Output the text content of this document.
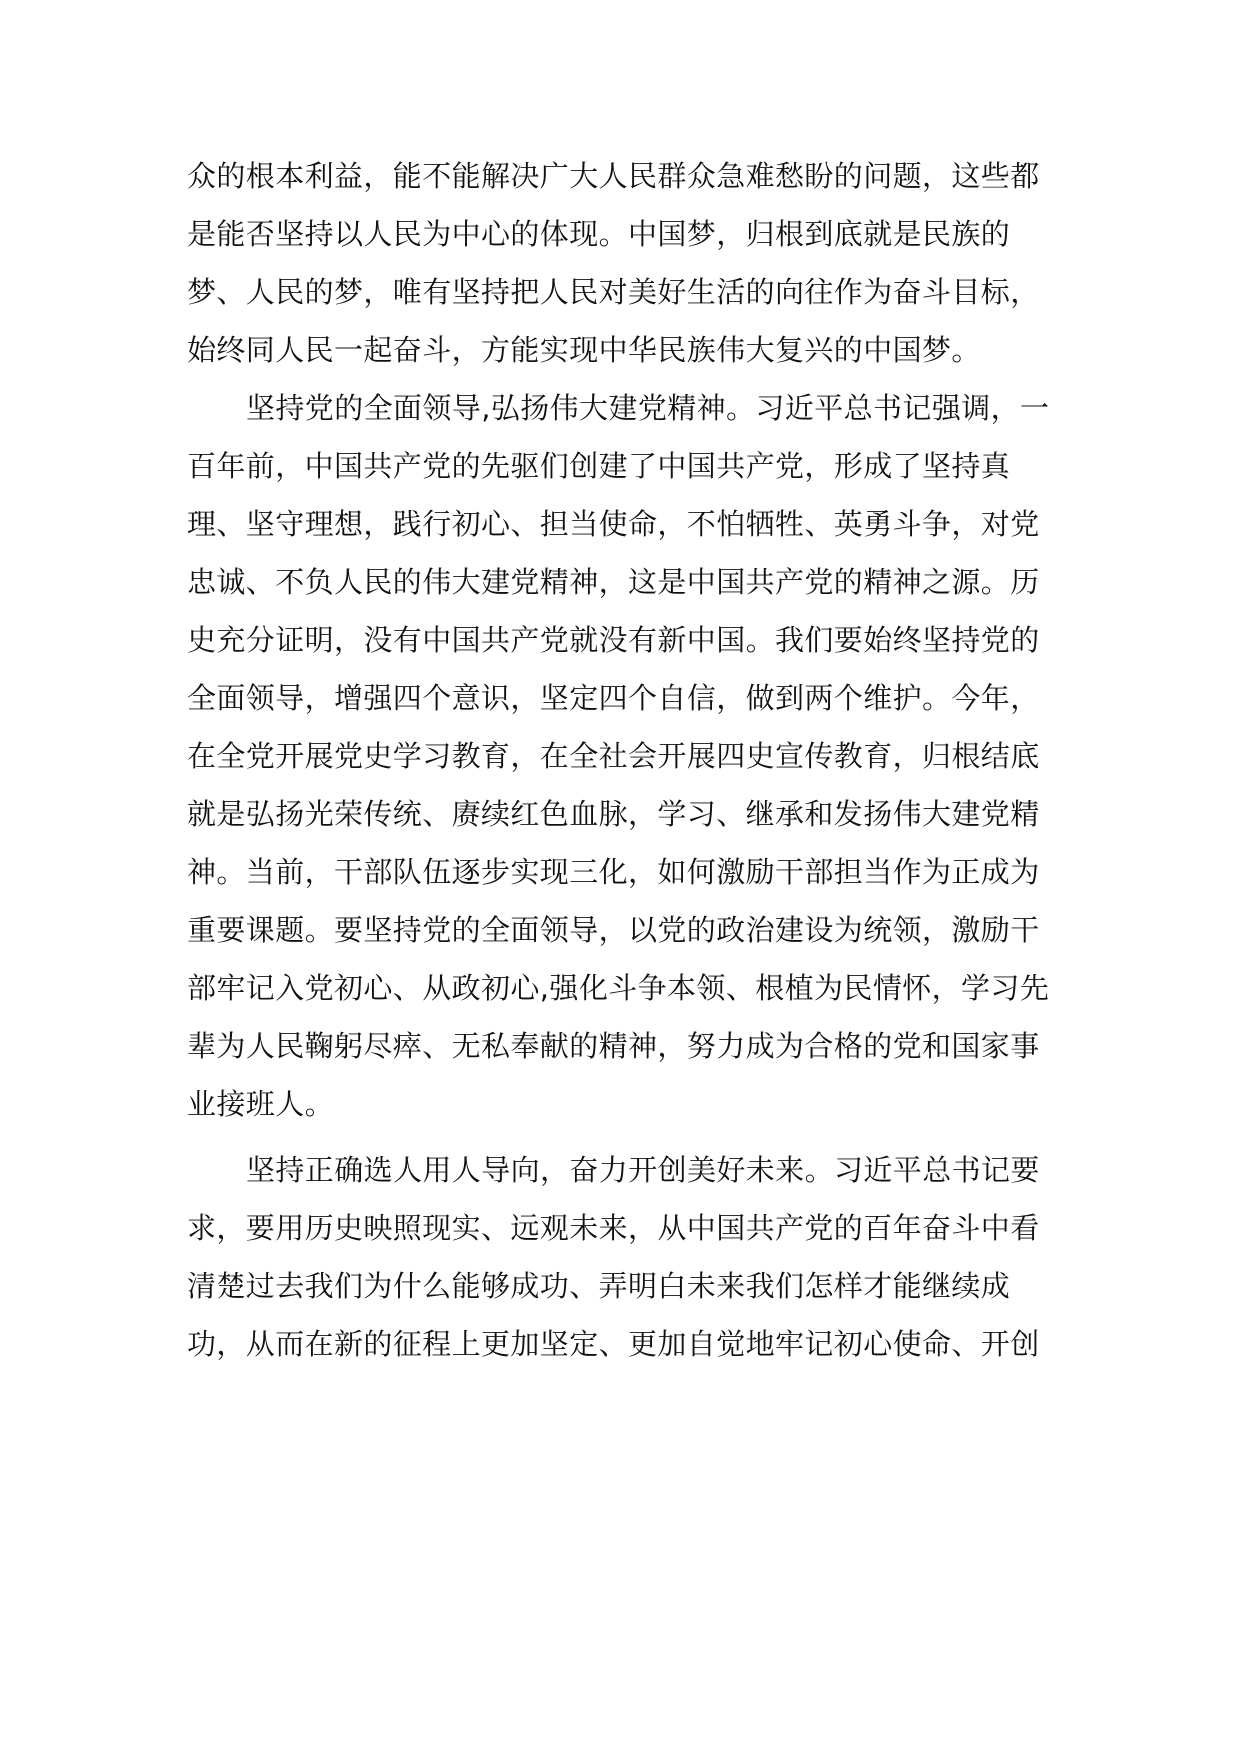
众的根本利益，能不能解决广大人民群众急难愁盼的问题，这些都
是能否坚持以人民为中心的体现。中国梦，归根到底就是民族的
梦、人民的梦，唯有坚持把人民对美好生活的向往作为奋斗目标，
始终同人民一起奋斗，方能实现中华民族伟大复兴的中国梦。
坚持党的全面领导,弘扬伟大建党精神。习近平总书记强调，一
百年前，中国共产党的先驱们创建了中国共产党，形成了坚持真
理、坚守理想，践行初心、担当使命，不怕牺牲、英勇斗争，对党
忠诚、不负人民的伟大建党精神，这是中国共产党的精神之源。历
史充分证明，没有中国共产党就没有新中国。我们要始终坚持党的
全面领导，增强四个意识，坚定四个自信，做到两个维护。今年，
在全党开展党史学习教育，在全社会开展四史宣传教育，归根结底
就是弘扬光荣传统、赓续红色血脉，学习、继承和发扬伟大建党精
神。当前，干部队伍逐步实现三化，如何激励干部担当作为正成为
重要课题。要坚持党的全面领导，以党的政治建设为统领，激励干
部牢记入党初心、从政初心,强化斗争本领、根植为民情怀，学习先
辈为人民鞠躬尽瘁、无私奉献的精神，努力成为合格的党和国家事
业接班人。
坚持正确选人用人导向，奋力开创美好未来。习近平总书记要
求，要用历史映照现实、远观未来，从中国共产党的百年奋斗中看
清楚过去我们为什么能够成功、弄明白未来我们怎样才能继续成
功，从而在新的征程上更加坚定、更加自觉地牢记初心使命、开创
